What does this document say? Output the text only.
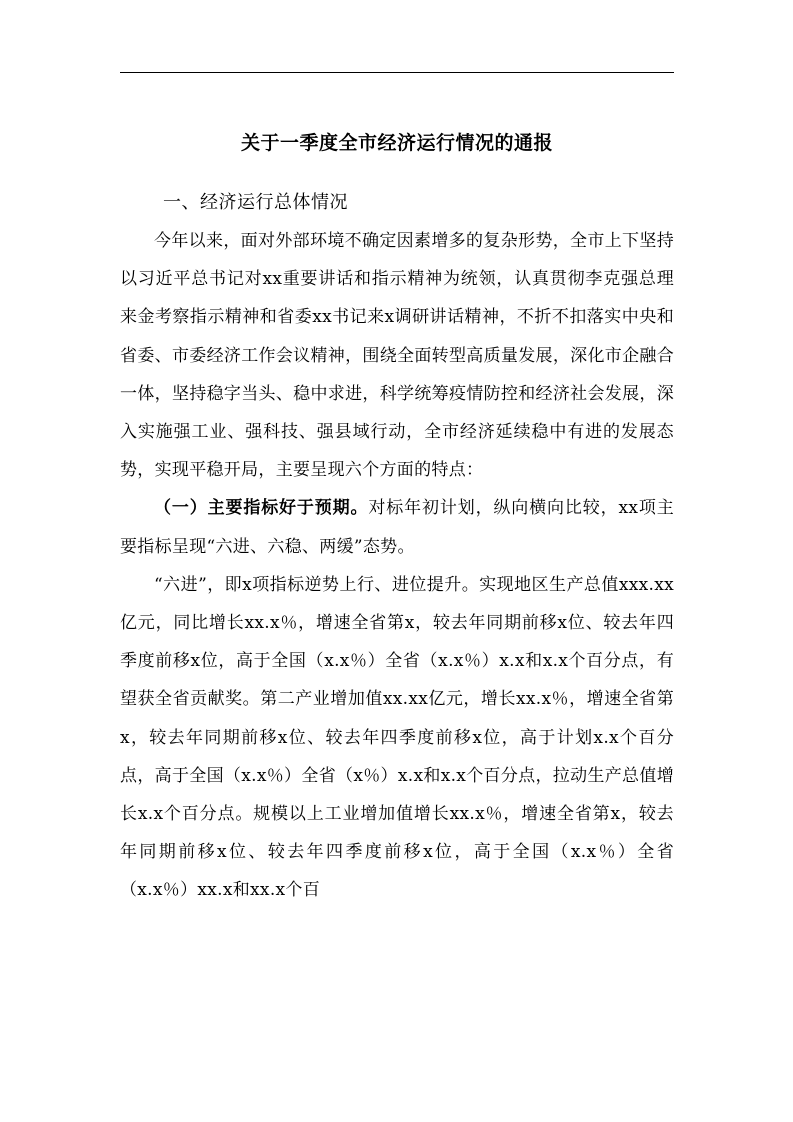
关于一季度全市经济运行情况的通报
一、经济运行总体情况

今年以来，面对外部环境不确定因素增多的复杂形势，全市上下坚持以习近平总书记对xx重要讲话和指示精神为统领，认真贯彻李克强总理来金考察指示精神和省委xx书记来x调研讲话精神，不折不扣落实中央和省委、市委经济工作会议精神，围绕全面转型高质量发展，深化市企融合一体，坚持稳字当头、稳中求进，科学统筹疫情防控和经济社会发展，深入实施强工业、强科技、强县域行动，全市经济延续稳中有进的发展态势，实现平稳开局，主要呈现六个方面的特点：

（一）主要指标好于预期。对标年初计划，纵向横向比较，xx项主要指标呈现“六进、六稳、两缓”态势。

“六进”，即x项指标逆势上行、进位提升。实现地区生产总值xxx.xx亿元，同比增长xx.x％，增速全省第x，较去年同期前移x位、较去年四季度前移x位，高于全国（x.x％）全省（x.x％）x.x和x.x个百分点，有望获全省贡献奖。第二产业增加值xx.xx亿元，增长xx.x％，增速全省第x，较去年同期前移x位、较去年四季度前移x位，高于计划x.x个百分点，高于全国（x.x％）全省（x％）x.x和x.x个百分点，拉动生产总值增长x.x个百分点。规模以上工业增加值增长xx.x％，增速全省第x，较去年同期前移x位、较去年四季度前移x位，高于全国（x.x％）全省（x.x％）xx.x和xx.x个百
